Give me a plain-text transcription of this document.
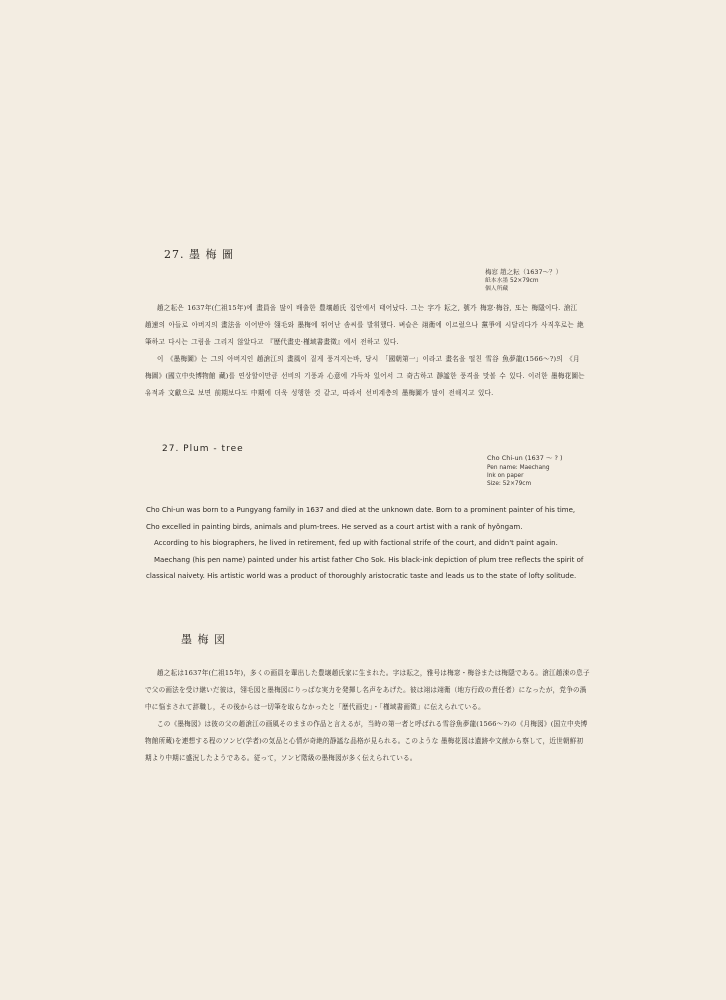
27. 墨 梅 圖
梅窓 趙之耘（1637～？）
紙本水墨 52×79cm
個人所藏

趙之耘은 1637年(仁祖15年)에 畫員을 많이 배출한 豊壤趙氏 집안에서 태어났다. 그는 字가 耘之, 號가 梅窓·梅谷, 또는 梅隱이다. 滄江 趙速의 아들로 아버지의 畫法을 이어받아 翎毛와 墨梅에 뛰어난 솜씨를 발휘했다. 벼슬은 翊衛에 이르렀으나 黨爭에 시달리다가 사직후로는 絶筆하고 다시는 그림을 그리지 않았다고 『歷代畫史·槿域書畫徵』에서 전하고 있다.

이 《墨梅圖》는 그의 아버지인 趙滄江의 畫風이 짙게 풍겨지는바, 당시 「國朝第一」이라고 畫名을 떨친 雪谷 魚夢龍(1566～?)의 《月梅圖》(國立中央博物館 藏)를 연상할이만큼 선비의 기풍과 心意에 가득차 있어서 그 奇古하고 靜謐한 풍격을 맛볼 수 있다. 이러한 墨梅花圖는 유적과 文獻으로 보면 前期보다도 中期에 더욱 성행한 것 같고, 따라서 선비계층의 墨梅圖가 많이 전해지고 있다.

27. Plum - tree
Cho Chi-un (1637 ～ ? )
Pen name: Maechang
Ink on paper
Size: 52×79cm

Cho Chi-un was born to a Pungyang family in 1637 and died at the unknown date. Born to a prominent painter of his time, Cho excelled in painting birds, animals and plum-trees. He served as a court artist with a rank of hyŏngam.

According to his biographers, he lived in retirement, fed up with factional strife of the court, and didn't paint again.

Maechang (his pen name) painted under his artist father Cho Sok. His black-ink depiction of plum tree reflects the spirit of classical naivety. His artistic world was a product of thoroughly aristocratic taste and leads us to the state of lofty solitude.

墨 梅 図

趙之耘は1637年(仁祖15年)，多くの画員を輩出した豊壌趙氏家に生まれた。字は耘之，雅号は梅窓・梅谷または梅隠である。滄江趙涑の息子で父の画法を受け継いだ彼は，翎毛図と墨梅図にりっぱな実力を発揮し名声をあげた。彼は翊は翊衛（地方行政の責任者）になったが，党争の渦中に悩まされて辞職し，その後からは一切筆を取らなかったと「歴代画史」・「槿域書画徵」に伝えられている。

この《墨梅図》は彼の父の趙滄江の画風そのままの作品と言えるが，当時の第一者と呼ばれる雪谷魚夢龍(1566～?)の《月梅図》(国立中央博物館所蔵)を連想する程のソンビ(学者)の気品と心情が奇絶的静謐な品格が見られる。このような 墨梅花図は遺跡や文献から察して，近世朝鮮初期より中期に盛況したようである。従って，ソンビ階級の墨梅図が多く伝えられている。
